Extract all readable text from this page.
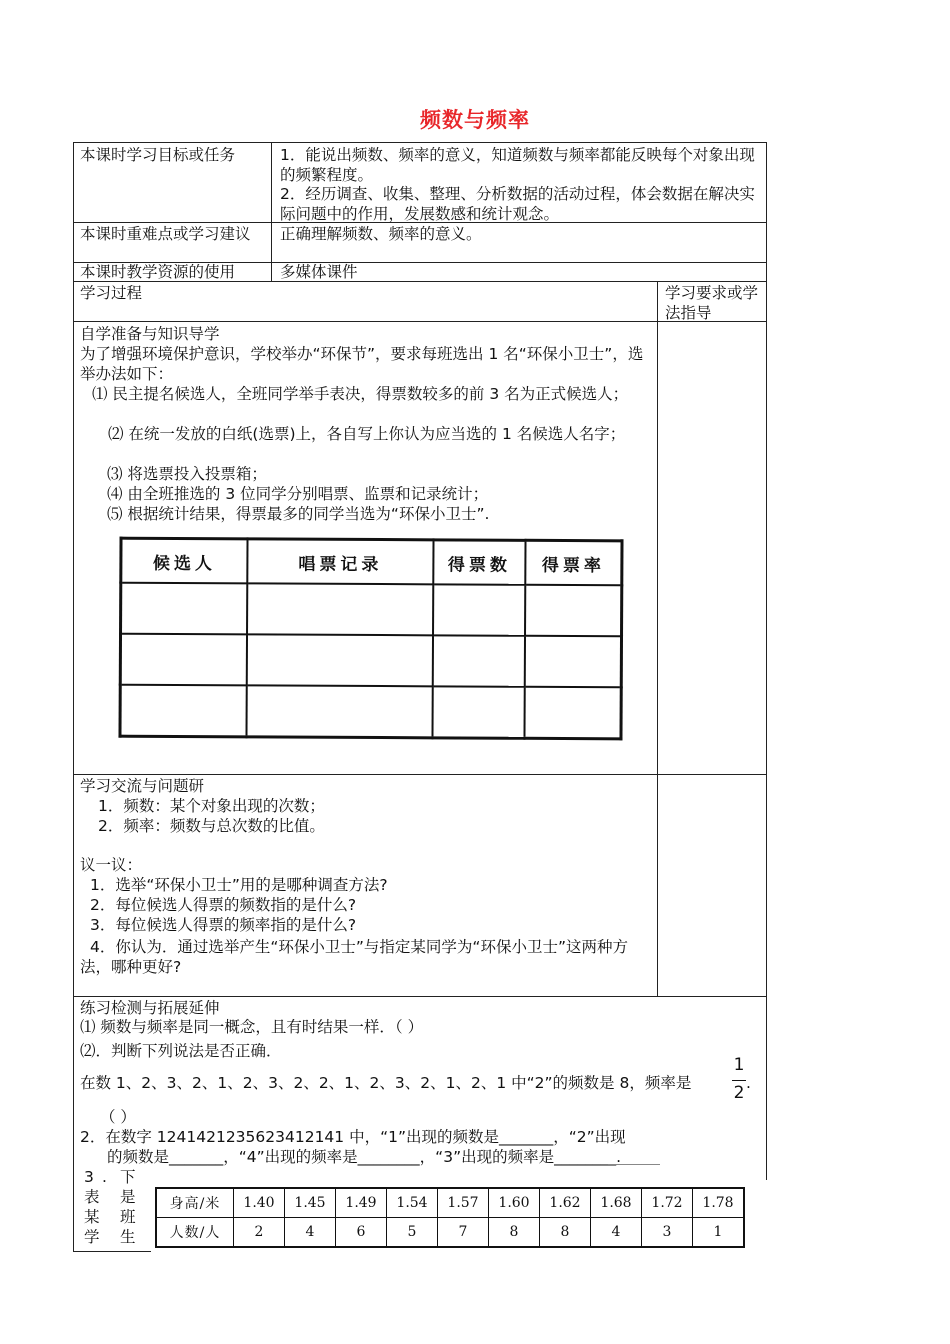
频数与频率
本课时学习目标或任务	1．能说出频数、频率的意义，知道频数与频率都能反映每个对象出现的频繁程度。
2．经历调查、收集、整理、分析数据的活动过程，体会数据在解决实际问题中的作用，发展数感和统计观念。
本课时重难点或学习建议	正确理解频数、频率的意义。
本课时教学资源的使用	多媒体课件
学习过程	学习要求或学法指导
自学准备与知识导学
为了增强环境保护意识，学校举办“环保节”，要求每班选出 1 名“环保小卫士”，选举办法如下：
⑴ 民主提名候选人，全班同学举手表决，得票数较多的前 3 名为正式候选人；
⑵ 在统一发放的白纸(选票)上，各自写上你认为应当选的 1 名候选人名字；
⑶ 将选票投入投票箱；
⑷ 由全班推选的 3 位同学分别唱票、监票和记录统计；
⑸ 根据统计结果，得票最多的同学当选为“环保小卫士”.
候选人	唱票记录	得票数	得票率

学习交流与问题研
1．频数：某个对象出现的次数；
2．频率：频数与总次数的比值。
议一议：
1．选举“环保小卫士”用的是哪种调查方法?
2．每位候选人得票的频数指的是什么?
3．每位候选人得票的频率指的是什么?
4．你认为．通过选举产生“环保小卫士”与指定某同学为“环保小卫士”这两种方法，哪种更好?
练习检测与拓展延伸
⑴ 频数与频率是同一概念，且有时结果一样．（ ）
⑵．判断下列说法是否正确．
在数 1、2、3、2、1、2、3、2、2、1、2、3、2、1、2、1 中“2”的频数是 8，频率是
1
2 .
（ ）
2．在数字 1241421235623412141 中，“1”出现的频数是_______，“2”出现
的频数是_______，“4”出现的频率是________，“3”出现的频率是________.
3 . 下
表 是
某 班
学 生
身高/米	1.40	1.45	1.49	1.54	1.57	1.60	1.62	1.68	1.72	1.78
人数/人	2	4	6	5	7	8	8	4	3	1
